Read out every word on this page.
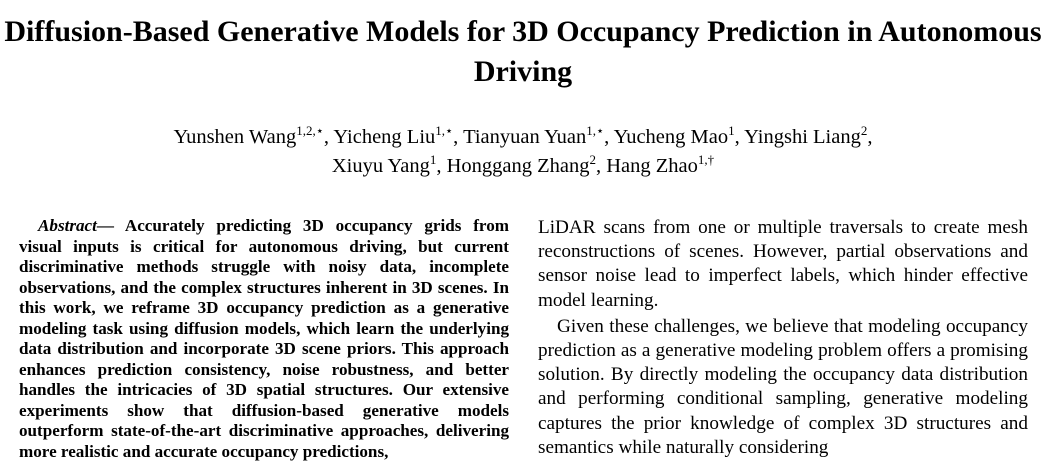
Diffusion-Based Generative Models for 3D Occupancy Prediction in Autonomous Driving
Yunshen Wang$^{1,2,⋆}$, Yicheng Liu$^{1,⋆}$, Tianyuan Yuan$^{1,⋆}$, Yucheng Mao$^1$, Yingshi Liang$^2$,
Xiuyu Yang$^1$, Honggang Zhang$^2$, Hang Zhao$^{1,\dagger}$

Abstract— Accurately predicting 3D occupancy grids from visual inputs is critical for autonomous driving, but current discriminative methods struggle with noisy data, incomplete observations, and the complex structures inherent in 3D scenes. In this work, we reframe 3D occupancy prediction as a generative modeling task using diffusion models, which learn the underlying data distribution and incorporate 3D scene priors. This approach enhances prediction consistency, noise robustness, and better handles the intricacies of 3D spatial structures. Our extensive experiments show that diffusion-based generative models outperform state-of-the-art discriminative approaches, delivering more realistic and accurate occupancy predictions,

LiDAR scans from one or multiple traversals to create mesh reconstructions of scenes. However, partial observations and sensor noise lead to imperfect labels, which hinder effective model learning.

Given these challenges, we believe that modeling occupancy prediction as a generative modeling problem offers a promising solution. By directly modeling the occupancy data distribution and performing conditional sampling, generative modeling captures the prior knowledge of complex 3D structures and semantics while naturally considering
